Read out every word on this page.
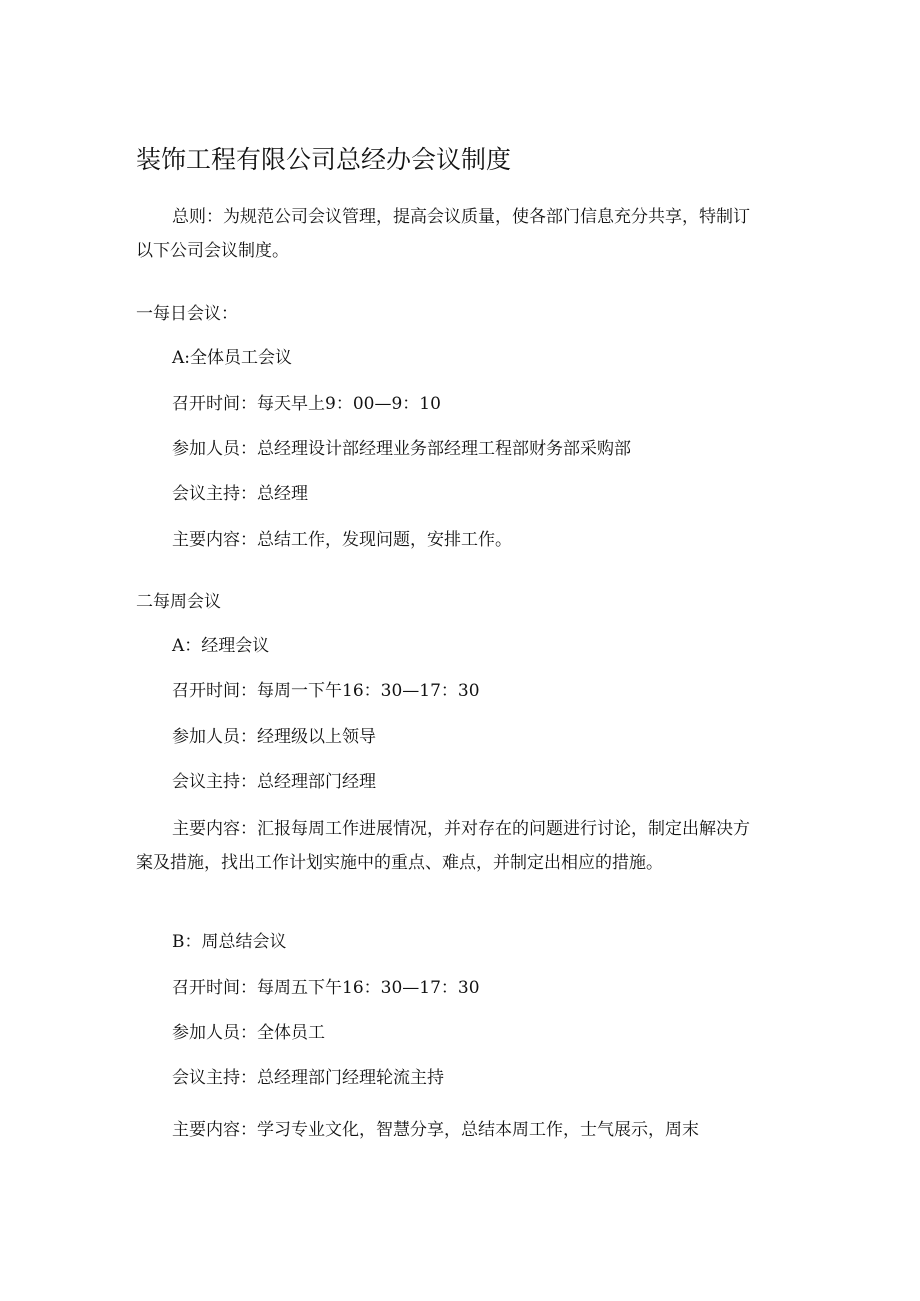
装饰工程有限公司总经办会议制度
总则：为规范公司会议管理，提高会议质量，使各部门信息充分共享，特制订以下公司会议制度。
一每日会议：
A:全体员工会议
召开时间：每天早上9：00—9：10
参加人员：总经理设计部经理业务部经理工程部财务部采购部
会议主持：总经理
主要内容：总结工作，发现问题，安排工作。
二每周会议
A：经理会议
召开时间：每周一下午16：30—17：30
参加人员：经理级以上领导
会议主持：总经理部门经理
主要内容：汇报每周工作进展情况，并对存在的问题进行讨论，制定出解决方案及措施，找出工作计划实施中的重点、难点，并制定出相应的措施。
B：周总结会议
召开时间：每周五下午16：30—17：30
参加人员：全体员工
会议主持：总经理部门经理轮流主持
主要内容：学习专业文化，智慧分享，总结本周工作，士气展示，周末
